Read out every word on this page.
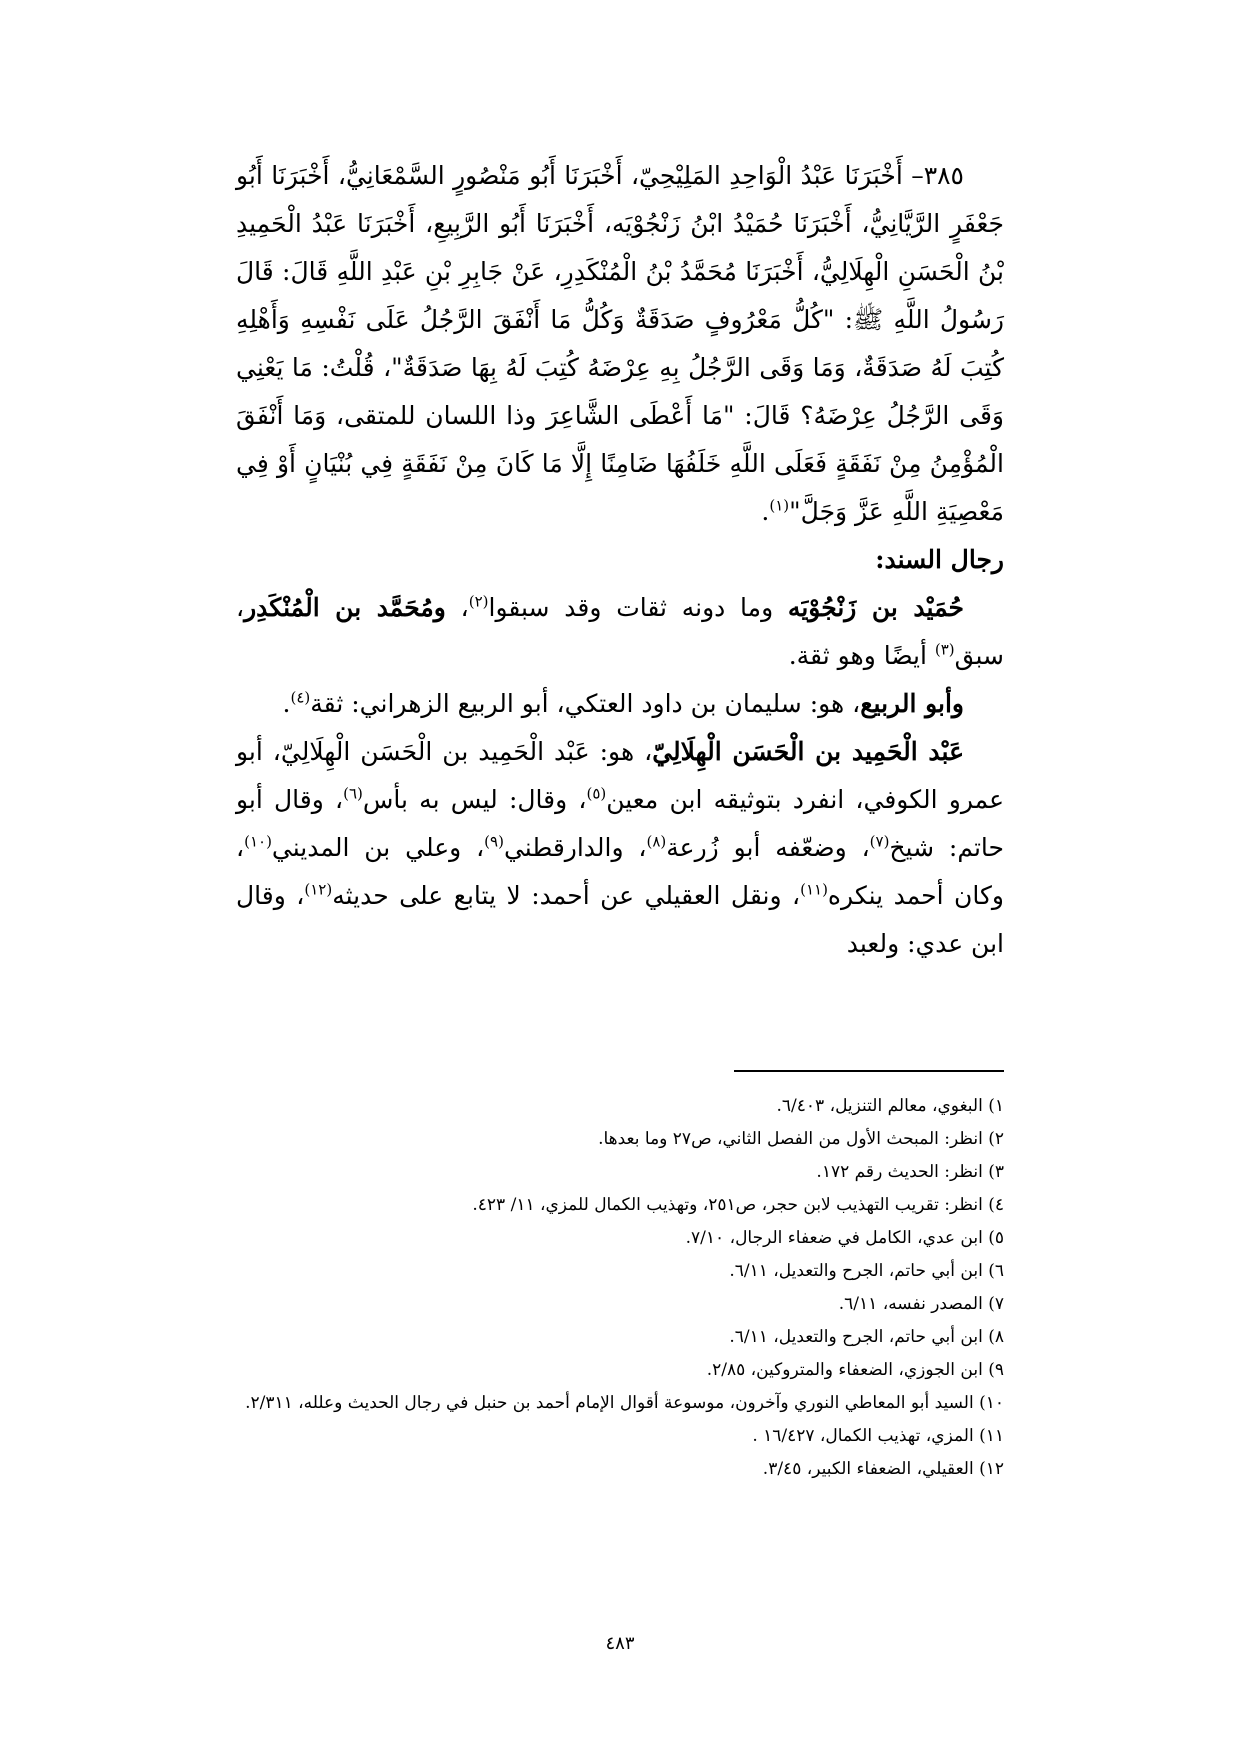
٣٨٥– أَخْبَرَنَا عَبْدُ الْوَاحِدِ المَلِيْحِيّ، أَخْبَرَنَا أَبُو مَنْصُورٍ السَّمْعَانِيُّ، أَخْبَرَنَا أَبُو جَعْفَرٍ الرَّيَّانِيُّ، أَخْبَرَنَا حُمَيْدُ ابْنُ زَنْجُوْيَه، أَخْبَرَنَا أَبُو الرَّبِيعِ، أَخْبَرَنَا عَبْدُ الْحَمِيدِ بْنُ الْحَسَنِ الْهِلَالِيُّ، أَخْبَرَنَا مُحَمَّدُ بْنُ الْمُنْكَدِرِ، عَنْ جَابِرِ بْنِ عَبْدِ اللَّهِ قَالَ: قَالَ رَسُولُ اللَّهِ ﷺ: "كُلُّ مَعْرُوفٍ صَدَقَةٌ وَكُلُّ مَا أَنْفَقَ الرَّجُلُ عَلَى نَفْسِهِ وَأَهْلِهِ كُتِبَ لَهُ صَدَقَةٌ، وَمَا وَقَى الرَّجُلُ بِهِ عِرْضَهُ كُتِبَ لَهُ بِهَا صَدَقَةٌ"، قُلْتُ: مَا يَعْنِي وَقَى الرَّجُلُ عِرْضَهُ؟ قَالَ: "مَا أَعْطَى الشَّاعِرَ وذا اللسان للمتقى، وَمَا أَنْفَقَ الْمُؤْمِنُ مِنْ نَفَقَةٍ فَعَلَى اللَّهِ خَلَفُهَا ضَامِنًا إِلَّا مَا كَانَ مِنْ نَفَقَةٍ فِي بُنْيَانٍ أَوْ فِي مَعْصِيَةِ اللَّهِ عَزَّ وَجَلَّ"$^{(١)}$.

رجال السند:

حُمَيْد بن زَنْجُوْيَه وما دونه ثقات وقد سبقوا$^{(٢)}$، ومُحَمَّد بن الْمُنْكَدِر، سبق$^{(٣)}$ أيضًا وهو ثقة.

وأبو الربيع، هو: سليمان بن داود العتكي، أبو الربيع الزهراني: ثقة$^{(٤)}$.

عَبْد الْحَمِيد بن الْحَسَن الْهِلَالِيّ، هو: عَبْد الْحَمِيد بن الْحَسَن الْهِلَالِيّ، أبو عمرو الكوفي، انفرد بتوثيقه ابن معين$^{(٥)}$، وقال: ليس به بأس$^{(٦)}$، وقال أبو حاتم: شيخ$^{(٧)}$، وضعّفه أبو زُرعة$^{(٨)}$، والدارقطني$^{(٩)}$، وعلي بن المديني$^{(١٠)}$، وكان أحمد ينكره$^{(١١)}$، ونقل العقيلي عن أحمد: لا يتابع على حديثه$^{(١٢)}$، وقال ابن عدي: ولعبد

١) البغوي، معالم التنزيل، ٦/٤٠٣.
٢) انظر: المبحث الأول من الفصل الثاني، ص٢٧ وما بعدها.
٣) انظر: الحديث رقم ١٧٢.
٤) انظر: تقريب التهذيب لابن حجر، ص٢٥١، وتهذيب الكمال للمزي، ١١/ ٤٢٣.
٥) ابن عدي، الكامل في ضعفاء الرجال، ٧/١٠.
٦) ابن أبي حاتم، الجرح والتعديل، ٦/١١.
٧) المصدر نفسه، ٦/١١.
٨) ابن أبي حاتم، الجرح والتعديل، ٦/١١.
٩) ابن الجوزي، الضعفاء والمتروكين، ٢/٨٥.
١٠) السيد أبو المعاطي النوري وآخرون، موسوعة أقوال الإمام أحمد بن حنبل في رجال الحديث وعلله، ٢/٣١١.
١١) المزي، تهذيب الكمال، ١٦/٤٢٧ .
١٢) العقيلي، الضعفاء الكبير، ٣/٤٥.
٤٨٣
